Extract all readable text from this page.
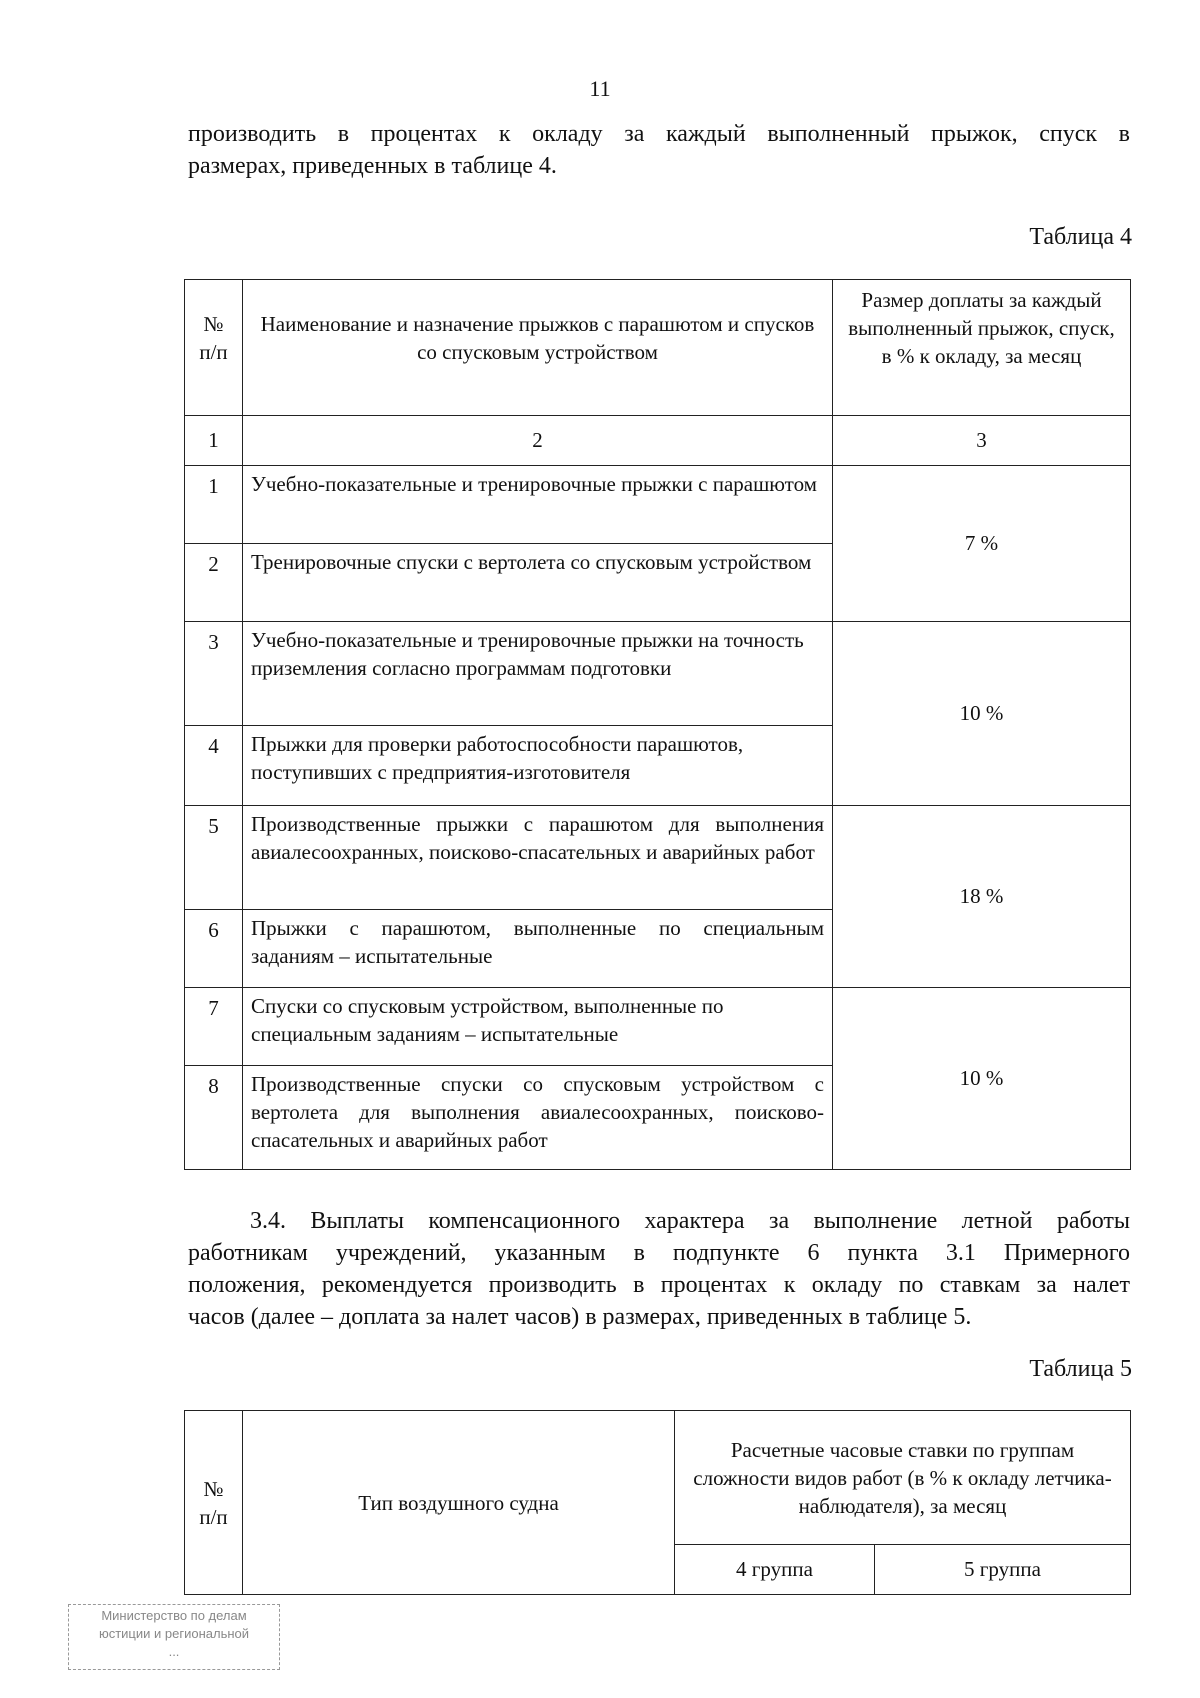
11
производить в процентах к окладу за каждый выполненный прыжок, спуск в
размерах, приведенных в таблице 4.
Таблица 4
№ п/п	Наименование и назначение прыжков с парашютом и спусков со спусковым устройством	Размер доплаты за каждый выполненный прыжок, спуск, в % к окладу, за месяц
1	2	3
1	Учебно-показательные и тренировочные прыжки с парашютом	7 %
2	Тренировочные спуски с вертолета со спусковым устройством	
3	Учебно-показательные и тренировочные прыжки на точность приземления согласно программам подготовки	10 %
4	Прыжки для проверки работоспособности парашютов, поступивших с предприятия-изготовителя	
5	Производственные прыжки с парашютом для выполнения авиалесоохранных, поисково-спасательных и аварийных работ	18 %
6	Прыжки с парашютом, выполненные по специальным заданиям – испытательные	
7	Спуски со спусковым устройством, выполненные по специальным заданиям – испытательные	10 %
8	Производственные спуски со спусковым устройством с вертолета для выполнения авиалесоохранных, поисково-спасательных и аварийных работ	
3.4. Выплаты компенсационного характера за выполнение летной работы
работникам учреждений, указанным в подпункте 6 пункта 3.1 Примерного
положения, рекомендуется производить в процентах к окладу по ставкам за налет
часов (далее – доплата за налет часов) в размерах, приведенных в таблице 5.
Таблица 5
№ п/п	Тип воздушного судна	Расчетные часовые ставки по группам сложности видов работ (в % к окладу летчика-наблюдателя), за месяц	
		4 группа	5 группа
Министерство по делам
юстиции и региональной
...
